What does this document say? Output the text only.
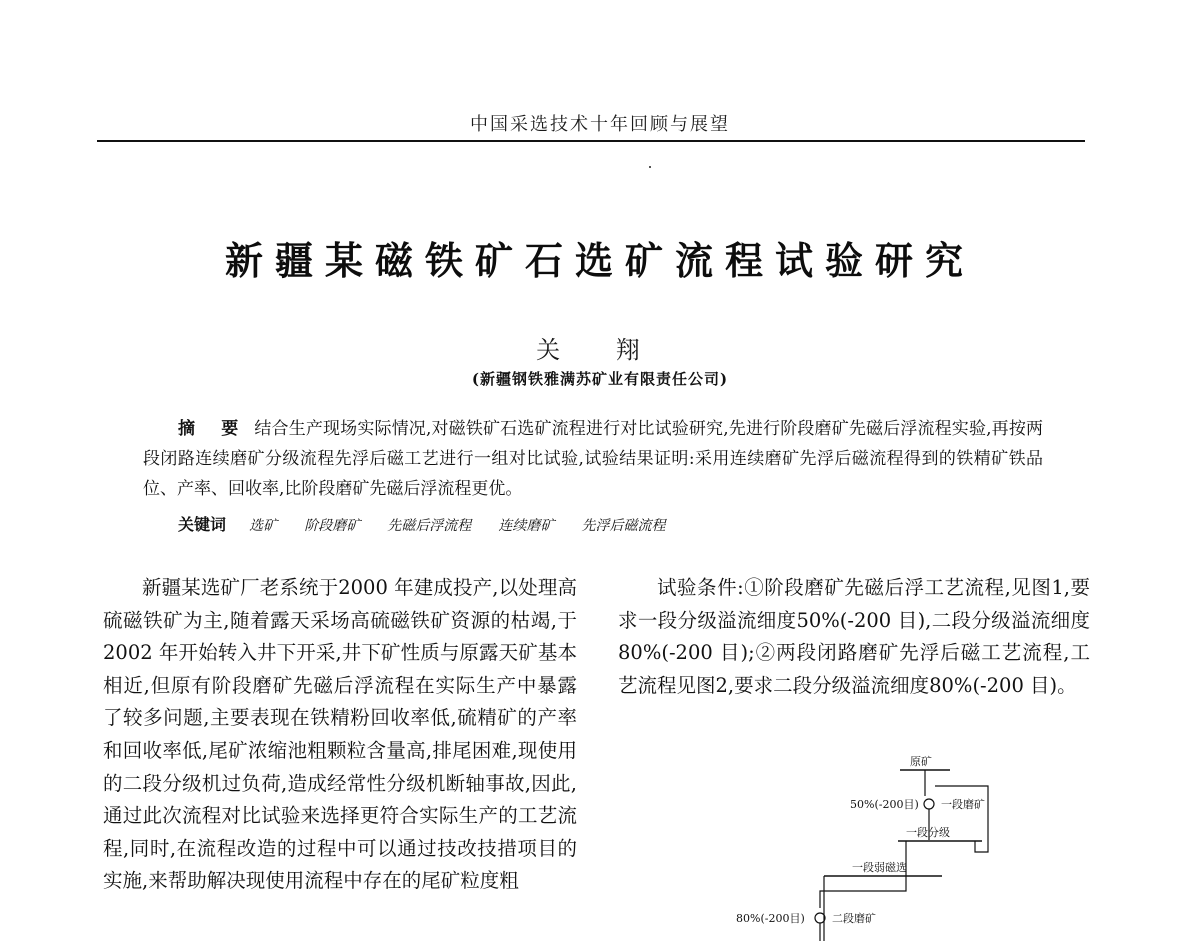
中国采选技术十年回顾与展望
新疆某磁铁矿石选矿流程试验研究
关 翔
(新疆钢铁雅满苏矿业有限责任公司)
摘 要 结合生产现场实际情况,对磁铁矿石选矿流程进行对比试验研究,先进行阶段磨矿先磁后浮流程实验,再按两段闭路连续磨矿分级流程先浮后磁工艺进行一组对比试验,试验结果证明:采用连续磨矿先浮后磁流程得到的铁精矿铁品位、产率、回收率,比阶段磨矿先磁后浮流程更优。
关键词 选矿 阶段磨矿 先磁后浮流程 连续磨矿 先浮后磁流程
新疆某选矿厂老系统于2000 年建成投产,以处理高硫磁铁矿为主,随着露天采场高硫磁铁矿资源的枯竭,于2002 年开始转入井下开采,井下矿性质与原露天矿基本相近,但原有阶段磨矿先磁后浮流程在实际生产中暴露了较多问题,主要表现在铁精粉回收率低,硫精矿的产率和回收率低,尾矿浓缩池粗颗粒含量高,排尾困难,现使用的二段分级机过负荷,造成经常性分级机断轴事故,因此,通过此次流程对比试验来选择更符合实际生产的工艺流程,同时,在流程改造的过程中可以通过技改技措项目的实施,来帮助解决现使用流程中存在的尾矿粒度粗
试验条件:①阶段磨矿先磁后浮工艺流程,见图1,要求一段分级溢流细度50%(-200 目),二段分级溢流细度80%(-200 目);②两段闭路磨矿先浮后磁工艺流程,工艺流程见图2,要求二段分级溢流细度80%(-200 目)。
原矿
50%(-200目) 一段磨矿
一段分级
一段弱磁选
80%(-200目) 二段磨矿
